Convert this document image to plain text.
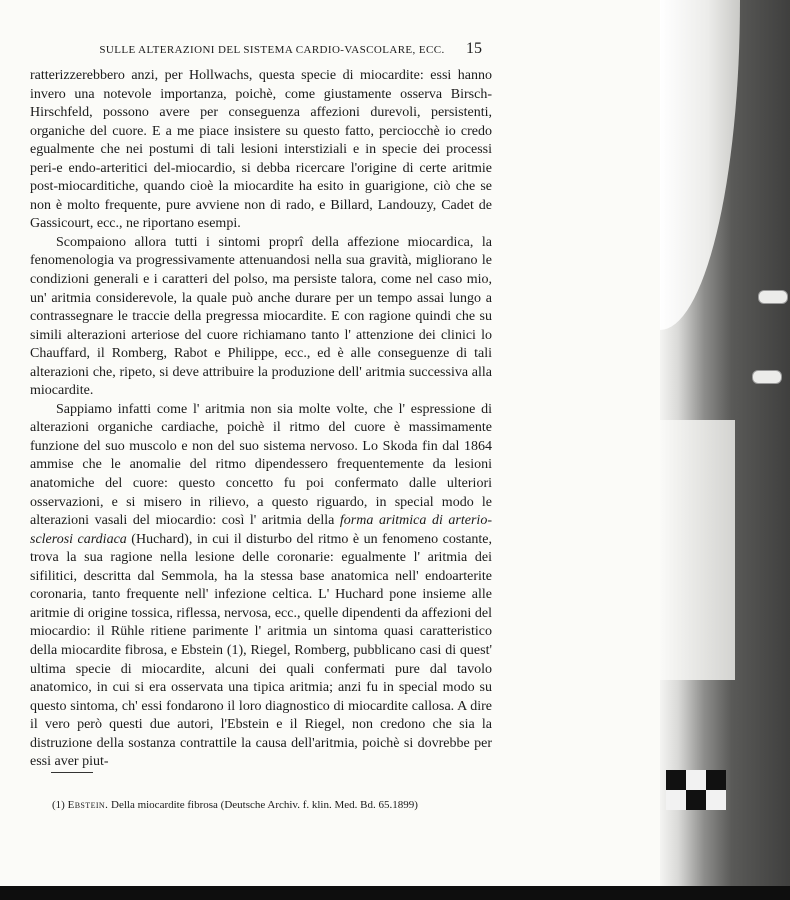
SULLE ALTERAZIONI DEL SISTEMA CARDIO-VASCOLARE, ECC.	15

ratterizzerebbero anzi, per Hollwachs, questa specie di miocardite: essi hanno invero una notevole importanza, poichè, come giustamente osserva Birsch-Hirschfeld, possono avere per conseguenza affezioni durevoli, persistenti, organiche del cuore. E a me piace insistere su questo fatto, perciocchè io credo egualmente che nei postumi di tali lesioni interstiziali e in specie dei processi peri-e endo-arteritici del-miocardio, si debba ricercare l'origine di certe aritmie post-miocarditiche, quando cioè la miocardite ha esito in guarigione, ciò che se non è molto frequente, pure avviene non di rado, e Billard, Landouzy, Cadet de Gassicourt, ecc., ne riportano esempi.

Scompaiono allora tutti i sintomi proprî della affezione miocardica, la fenomenologia va progressivamente attenuandosi nella sua gravità, migliorano le condizioni generali e i caratteri del polso, ma persiste talora, come nel caso mio, un' aritmia considerevole, la quale può anche durare per un tempo assai lungo a contrassegnare le traccie della pregressa miocardite. E con ragione quindi che su simili alterazioni arteriose del cuore richiamano tanto l' attenzione dei clinici lo Chauffard, il Romberg, Rabot e Philippe, ecc., ed è alle conseguenze di tali alterazioni che, ripeto, si deve attribuire la produzione dell' aritmia successiva alla miocardite.

Sappiamo infatti come l' aritmia non sia molte volte, che l' espressione di alterazioni organiche cardiache, poichè il ritmo del cuore è massimamente funzione del suo muscolo e non del suo sistema nervoso. Lo Skoda fin dal 1864 ammise che le anomalie del ritmo dipendessero frequentemente da lesioni anatomiche del cuore: questo concetto fu poi confermato dalle ulteriori osservazioni, e si misero in rilievo, a questo riguardo, in special modo le alterazioni vasali del miocardio: così l' aritmia della forma aritmica di arterio-sclerosi cardiaca (Huchard), in cui il disturbo del ritmo è un fenomeno costante, trova la sua ragione nella lesione delle coronarie: egualmente l' aritmia dei sifilitici, descritta dal Semmola, ha la stessa base anatomica nell' endoarterite coronaria, tanto frequente nell' infezione celtica. L' Huchard pone insieme alle aritmie di origine tossica, riflessa, nervosa, ecc., quelle dipendenti da affezioni del miocardio: il Rühle ritiene parimente l' aritmia un sintoma quasi caratteristico della miocardite fibrosa, e Ebstein (1), Riegel, Romberg, pubblicano casi di quest' ultima specie di miocardite, alcuni dei quali confermati pure dal tavolo anatomico, in cui si era osservata una tipica aritmia; anzi fu in special modo su questo sintoma, ch' essi fondarono il loro diagnostico di miocardite callosa. A dire il vero però questi due autori, l'Ebstein e il Riegel, non credono che sia la distruzione della sostanza contrattile la causa dell'aritmia, poichè si dovrebbe per essi aver piut-

(1) Ebstein. Della miocardite fibrosa (Deutsche Archiv. f. klin. Med. Bd. 65.1899)
